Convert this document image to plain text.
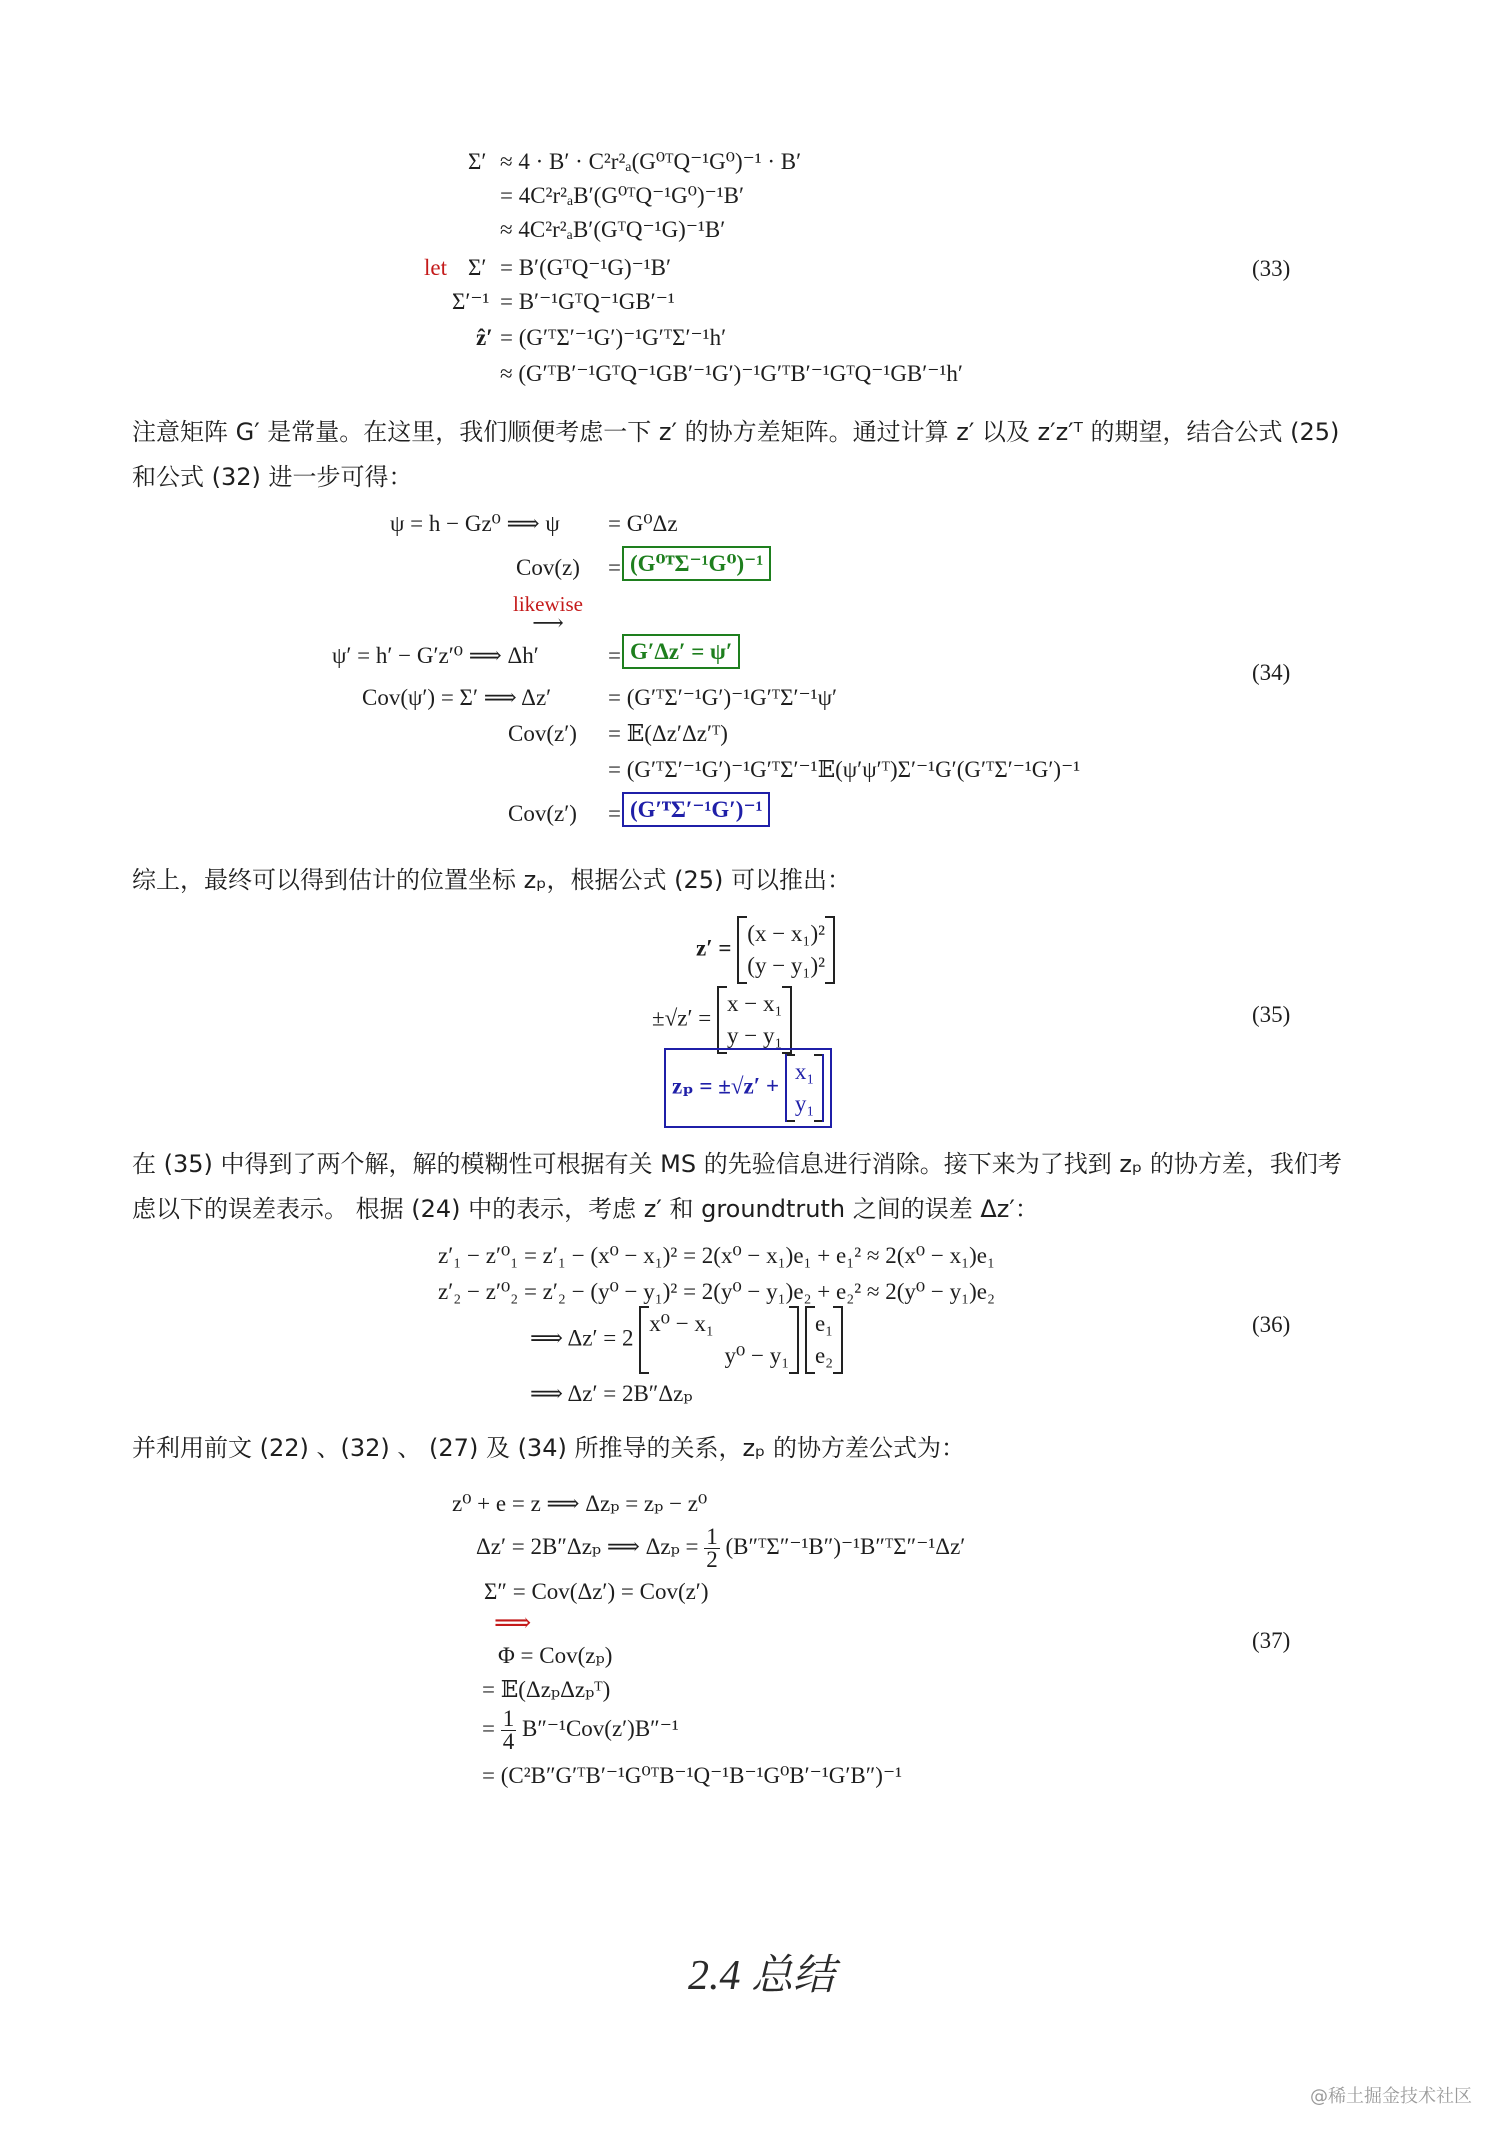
let
Σ′ ≈ 4 · B′ · C²r²ₐ(G⁰ᵀQ⁻¹G⁰)⁻¹ · B′
= 4C²r²ₐB′(G⁰ᵀQ⁻¹G⁰)⁻¹B′
≈ 4C²r²ₐB′(GᵀQ⁻¹G)⁻¹B′
Σ′ = B′(GᵀQ⁻¹G)⁻¹B′
Σ′⁻¹ = B′⁻¹GᵀQ⁻¹GB′⁻¹
ẑ′ = (G′ᵀΣ′⁻¹G′)⁻¹G′ᵀΣ′⁻¹h′
≈ (G′ᵀB′⁻¹GᵀQ⁻¹GB′⁻¹G′)⁻¹G′ᵀB′⁻¹GᵀQ⁻¹GB′⁻¹h′
(33)
注意矩阵 G′ 是常量。在这里，我们顺便考虑一下 z′ 的协方差矩阵。通过计算 z′ 以及 z′z′ᵀ 的期望，结合公式 (25)
和公式 (32) 进一步可得：
ψ = h − Gz⁰ ⟹ ψ = G⁰Δz
Cov(z) = (G⁰ᵀΣ⁻¹G⁰)⁻¹
likewise
⟶
ψ′ = h′ − G′z′⁰ ⟹ Δh′	= G′Δz′ = ψ′
Cov(ψ′) = Σ′ ⟹ Δz′ = (G′ᵀΣ′⁻¹G′)⁻¹G′ᵀΣ′⁻¹ψ′
Cov(z′) = 𝔼(Δz′Δz′ᵀ)
= (G′ᵀΣ′⁻¹G′)⁻¹G′ᵀΣ′⁻¹𝔼(ψ′ψ′ᵀ)Σ′⁻¹G′(G′ᵀΣ′⁻¹G′)⁻¹
Cov(z′) = (G′ᵀΣ′⁻¹G′)⁻¹
(34)
综上，最终可以得到估计的位置坐标 zₚ，根据公式 (25) 可以推出：
z′ =
(x − x₁)²
(y − y₁)²
±√z′ =
x − x₁
y − y₁
zₚ = ±√z′ +
x₁
y₁
(35)
在 (35) 中得到了两个解，解的模糊性可根据有关 MS 的先验信息进行消除。接下来为了找到 zₚ 的协方差，我们考
虑以下的误差表示。 根据 (24) 中的表示，考虑 z′ 和 groundtruth 之间的误差 Δz′：
z′₁ − z′⁰₁ = z′₁ − (x⁰ − x₁)² = 2(x⁰ − x₁)e₁ + e₁² ≈ 2(x⁰ − x₁)e₁
z′₂ − z′⁰₂ = z′₂ − (y⁰ − y₁)² = 2(y⁰ − y₁)e₂ + e₂² ≈ 2(y⁰ − y₁)e₂
⟹ Δz′ = 2
x⁰ − x₁
y⁰ − y₁

e₁
e₂
⟹ Δz′ = 2B″Δzₚ
(36)
并利用前文 (22) 、(32) 、 (27) 及 (34) 所推导的关系，zₚ 的协方差公式为：
z⁰ + e = z ⟹ Δzₚ = zₚ − z⁰
Δz′ = 2B″Δzₚ ⟹ $\Delta z_p = \frac{1}{2}$ (B″ᵀΣ″⁻¹B″)⁻¹B″ᵀΣ″⁻¹Δz′
Σ″ = Cov(Δz′) = Cov(z′)
⟹
Φ = Cov(zₚ)
= 𝔼(ΔzₚΔzₚᵀ)
= $\frac{1}{4} B''^{-1}Cov(z')B''^{-1}$
= (C²B″G′ᵀB′⁻¹G⁰ᵀB⁻¹Q⁻¹B⁻¹G⁰B′⁻¹G′B″)⁻¹
(37)
2.4 总结
@稀土掘金技术社区
